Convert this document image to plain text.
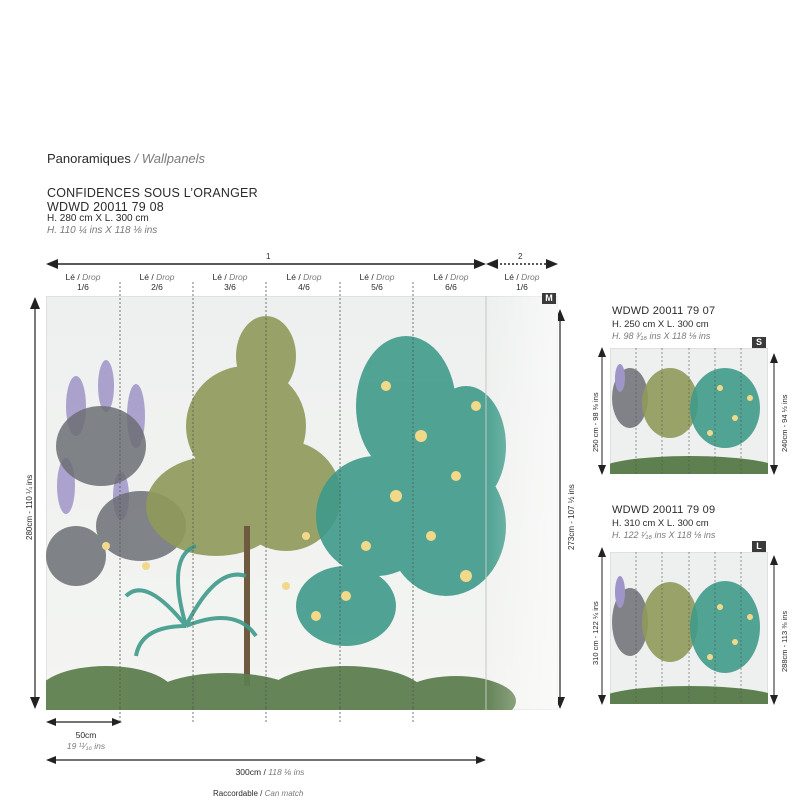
Panoramiques / Wallpanels
CONFIDENCES SOUS L’ORANGER
WDWD 20011 79 08
H. 280 cm X L. 300 cm
H. 110 ¼ ins X 118 ⅛ ins
1	2
Lé / Drop
1/6
Lé / Drop
2/6
Lé / Drop
3/6
Lé / Drop
4/6
Lé / Drop
5/6
Lé / Drop
6/6
Lé / Drop
1/6
M
280cm - 110 ¼ ins	273cm - 107 ½ ins
50cm
19 ¹¹⁄₁₆ ins
300cm / 118 ⅛ ins
Raccordable / Can match
WDWD 20011 79 07
H. 250 cm X L. 300 cm
H. 98 ³⁄₁₆ ins X 118 ⅛ ins
S
250 cm - 98 ⅜ ins	240cm - 94 ½ ins
WDWD 20011 79 09
H. 310 cm X L. 300 cm
H. 122 ¹⁄₁₆ ins X 118 ⅛ ins
L
310 cm - 122 ¼ ins	288cm - 113 ⅜ ins
